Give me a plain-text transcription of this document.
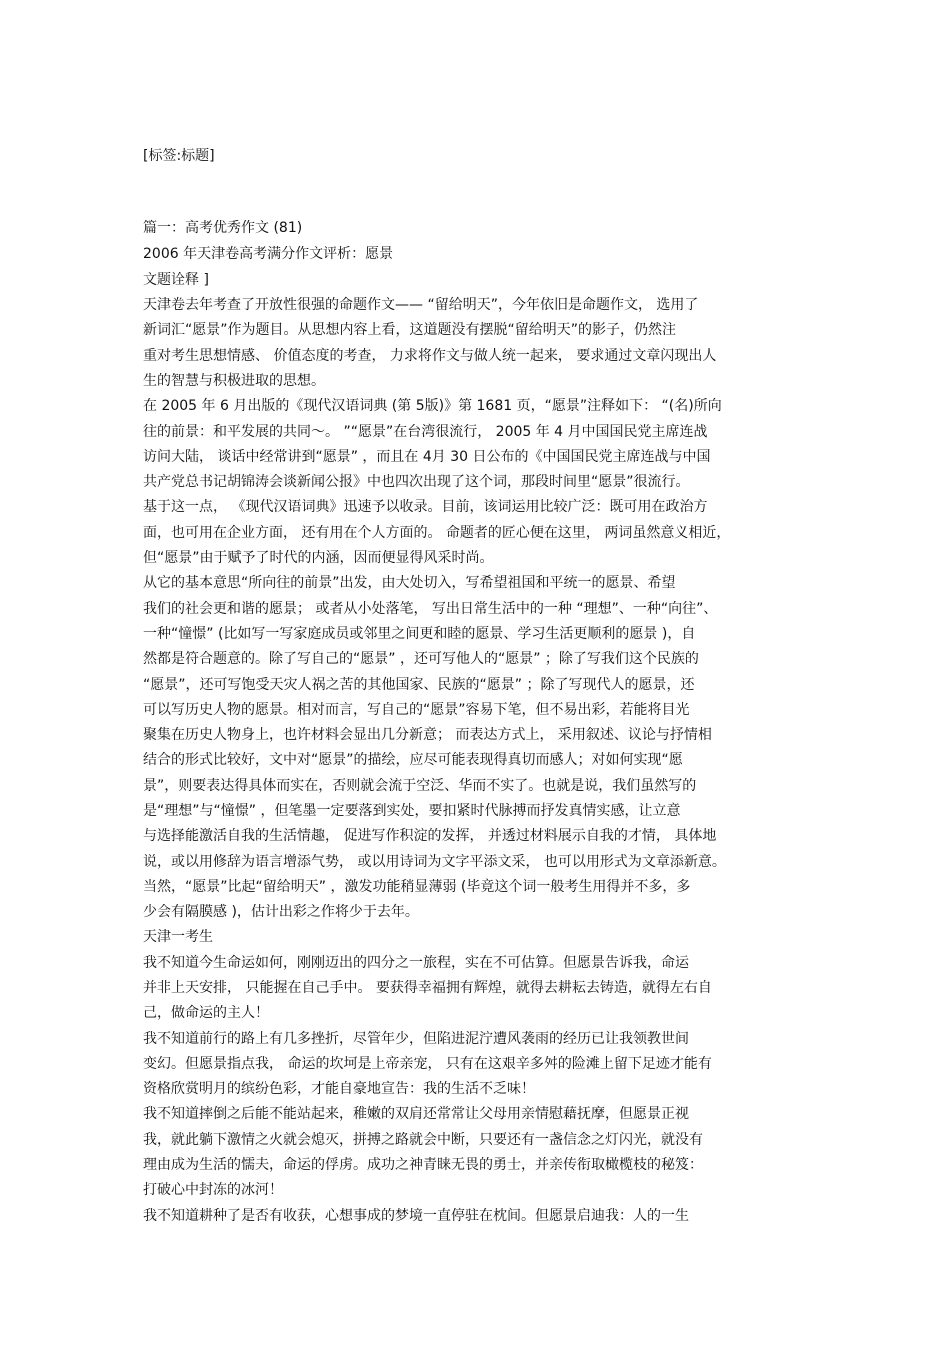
[标签:标题]
篇一：高考优秀作文 (81)
2006 年天津卷高考满分作文评析：愿景
文题诠释 ]
天津卷去年考查了开放性很强的命题作文—— “留给明天”，今年依旧是命题作文， 选用了
新词汇“愿景”作为题目。从思想内容上看，这道题没有摆脱“留给明天”的影子，仍然注
重对考生思想情感、 价值态度的考查， 力求将作文与做人统一起来， 要求通过文章闪现出人
生的智慧与积极进取的思想。
在 2005 年 6 月出版的《现代汉语词典 (第 5版)》第 1681 页，“愿景”注释如下： “(名)所向
往的前景：和平发展的共同～。 ”“愿景”在台湾很流行， 2005 年 4 月中国国民党主席连战
访问大陆， 谈话中经常讲到“愿景” ，而且在 4月 30 日公布的《中国国民党主席连战与中国
共产党总书记胡锦涛会谈新闻公报》中也四次出现了这个词，那段时间里“愿景”很流行。
基于这一点， 《现代汉语词典》迅速予以收录。目前，该词运用比较广泛：既可用在政治方
面，也可用在企业方面， 还有用在个人方面的。 命题者的匠心便在这里， 两词虽然意义相近，
但“愿景”由于赋予了时代的内涵，因而便显得风采时尚。
从它的基本意思“所向往的前景”出发，由大处切入，写希望祖国和平统一的愿景、希望
我们的社会更和谐的愿景； 或者从小处落笔， 写出日常生活中的一种 “理想”、一种“向往”、
一种“憧憬” (比如写一写家庭成员或邻里之间更和睦的愿景、学习生活更顺利的愿景 )，自
然都是符合题意的。除了写自己的“愿景” ，还可写他人的“愿景” ；除了写我们这个民族的
“愿景”，还可写饱受天灾人祸之苦的其他国家、民族的“愿景” ；除了写现代人的愿景，还
可以写历史人物的愿景。相对而言，写自己的“愿景”容易下笔，但不易出彩，若能将目光
聚集在历史人物身上，也许材料会显出几分新意； 而表达方式上， 采用叙述、议论与抒情相
结合的形式比较好，文中对“愿景”的描绘，应尽可能表现得真切而感人；对如何实现“愿
景”，则要表达得具体而实在，否则就会流于空泛、华而不实了。也就是说，我们虽然写的
是“理想”与“憧憬” ，但笔墨一定要落到实处，要扣紧时代脉搏而抒发真情实感，让立意
与选择能激活自我的生活情趣， 促进写作积淀的发挥， 并透过材料展示自我的才情， 具体地
说，或以用修辞为语言增添气势， 或以用诗词为文字平添文采， 也可以用形式为文章添新意。
当然，“愿景”比起“留给明天” ，激发功能稍显薄弱 (毕竟这个词一般考生用得并不多，多
少会有隔膜感 )，估计出彩之作将少于去年。
天津一考生
我不知道今生命运如何，刚刚迈出的四分之一旅程，实在不可估算。但愿景告诉我，命运
并非上天安排， 只能握在自己手中。 要获得幸福拥有辉煌，就得去耕耘去铸造，就得左右自
己，做命运的主人！
我不知道前行的路上有几多挫折，尽管年少，但陷进泥泞遭风袭雨的经历已让我领教世间
变幻。但愿景指点我， 命运的坎坷是上帝亲宠， 只有在这艰辛多舛的险滩上留下足迹才能有
资格欣赏明月的缤纷色彩，才能自豪地宣告：我的生活不乏味！
我不知道摔倒之后能不能站起来，稚嫩的双肩还常常让父母用亲情慰藉抚摩，但愿景正视
我，就此躺下激情之火就会熄灭，拼搏之路就会中断，只要还有一盏信念之灯闪光，就没有
理由成为生活的懦夫，命运的俘虏。成功之神青睐无畏的勇士，并亲传衔取橄榄枝的秘笈：
打破心中封冻的冰河！
我不知道耕种了是否有收获，心想事成的梦境一直停驻在枕间。但愿景启迪我：人的一生
